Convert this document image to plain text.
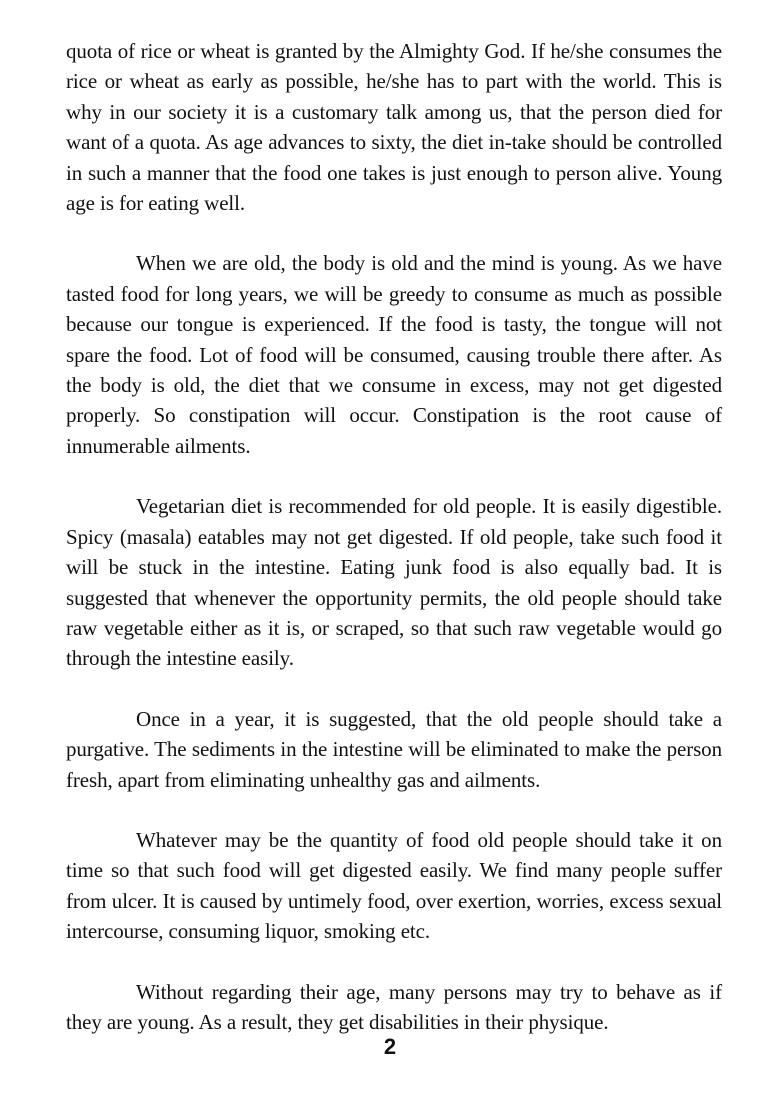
quota of rice or wheat is granted by the Almighty God. If he/she consumes the rice or wheat as early as possible, he/she has to part with the world. This is why in our society it is a customary talk among us, that the person died for want of a quota. As age advances to sixty, the diet in-take should be controlled in such a manner that the food one takes is just enough to person alive. Young age is for eating well.

When we are old, the body is old and the mind is young. As we have tasted food for long years, we will be greedy to consume as much as possible because our tongue is experienced. If the food is tasty, the tongue will not spare the food. Lot of food will be consumed, causing trouble there after. As the body is old, the diet that we consume in excess, may not get digested properly. So constipation will occur. Constipation is the root cause of innumerable ailments.

Vegetarian diet is recommended for old people. It is easily digestible. Spicy (masala) eatables may not get digested. If old people, take such food it will be stuck in the intestine. Eating junk food is also equally bad. It is suggested that whenever the opportunity permits, the old people should take raw vegetable either as it is, or scraped, so that such raw vegetable would go through the intestine easily.

Once in a year, it is suggested, that the old people should take a purgative. The sediments in the intestine will be eliminated to make the person fresh, apart from eliminating unhealthy gas and ailments.

Whatever may be the quantity of food old people should take it on time so that such food will get digested easily. We find many people suffer from ulcer. It is caused by untimely food, over exertion, worries, excess sexual intercourse, consuming liquor, smoking etc.

Without regarding their age, many persons may try to behave as if they are young. As a result, they get disabilities in their physique.

2
